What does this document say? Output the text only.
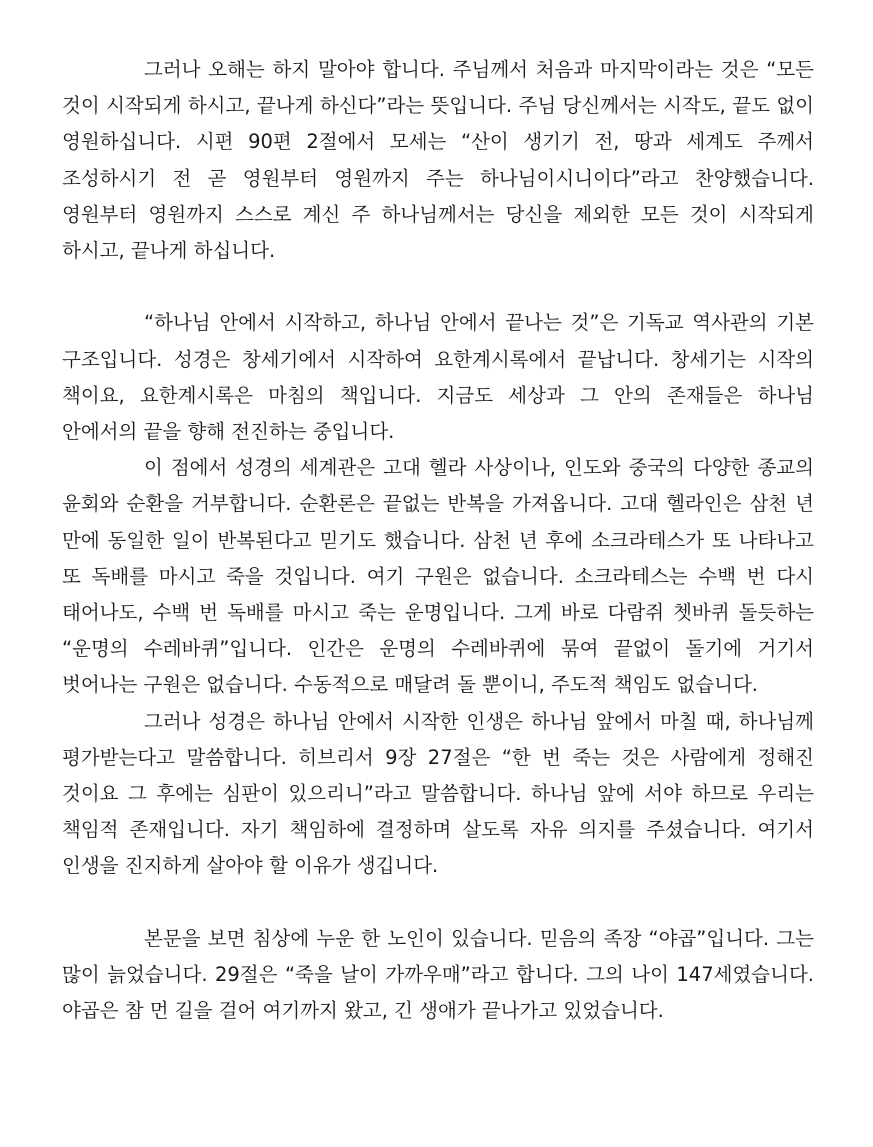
그러나 오해는 하지 말아야 합니다. 주님께서 처음과 마지막이라는 것은 “모든 것이 시작되게 하시고, 끝나게 하신다”라는 뜻입니다. 주님 당신께서는 시작도, 끝도 없이 영원하십니다. 시편 90편 2절에서 모세는 “산이 생기기 전, 땅과 세계도 주께서 조성하시기 전 곧 영원부터 영원까지 주는 하나님이시니이다”라고 찬양했습니다. 영원부터 영원까지 스스로 계신 주 하나님께서는 당신을 제외한 모든 것이 시작되게 하시고, 끝나게 하십니다.

“하나님 안에서 시작하고, 하나님 안에서 끝나는 것”은 기독교 역사관의 기본 구조입니다. 성경은 창세기에서 시작하여 요한계시록에서 끝납니다. 창세기는 시작의 책이요, 요한계시록은 마침의 책입니다. 지금도 세상과 그 안의 존재들은 하나님 안에서의 끝을 향해 전진하는 중입니다.

이 점에서 성경의 세계관은 고대 헬라 사상이나, 인도와 중국의 다양한 종교의 윤회와 순환을 거부합니다. 순환론은 끝없는 반복을 가져옵니다. 고대 헬라인은 삼천 년 만에 동일한 일이 반복된다고 믿기도 했습니다. 삼천 년 후에 소크라테스가 또 나타나고 또 독배를 마시고 죽을 것입니다. 여기 구원은 없습니다. 소크라테스는 수백 번 다시 태어나도, 수백 번 독배를 마시고 죽는 운명입니다. 그게 바로 다람쥐 쳇바퀴 돌듯하는 “운명의 수레바퀴”입니다. 인간은 운명의 수레바퀴에 묶여 끝없이 돌기에 거기서 벗어나는 구원은 없습니다. 수동적으로 매달려 돌 뿐이니, 주도적 책임도 없습니다.

그러나 성경은 하나님 안에서 시작한 인생은 하나님 앞에서 마칠 때, 하나님께 평가받는다고 말씀합니다. 히브리서 9장 27절은 “한 번 죽는 것은 사람에게 정해진 것이요 그 후에는 심판이 있으리니”라고 말씀합니다. 하나님 앞에 서야 하므로 우리는 책임적 존재입니다. 자기 책임하에 결정하며 살도록 자유 의지를 주셨습니다. 여기서 인생을 진지하게 살아야 할 이유가 생깁니다.

본문을 보면 침상에 누운 한 노인이 있습니다. 믿음의 족장 “야곱”입니다. 그는 많이 늙었습니다. 29절은 “죽을 날이 가까우매”라고 합니다. 그의 나이 147세였습니다. 야곱은 참 먼 길을 걸어 여기까지 왔고, 긴 생애가 끝나가고 있었습니다.
